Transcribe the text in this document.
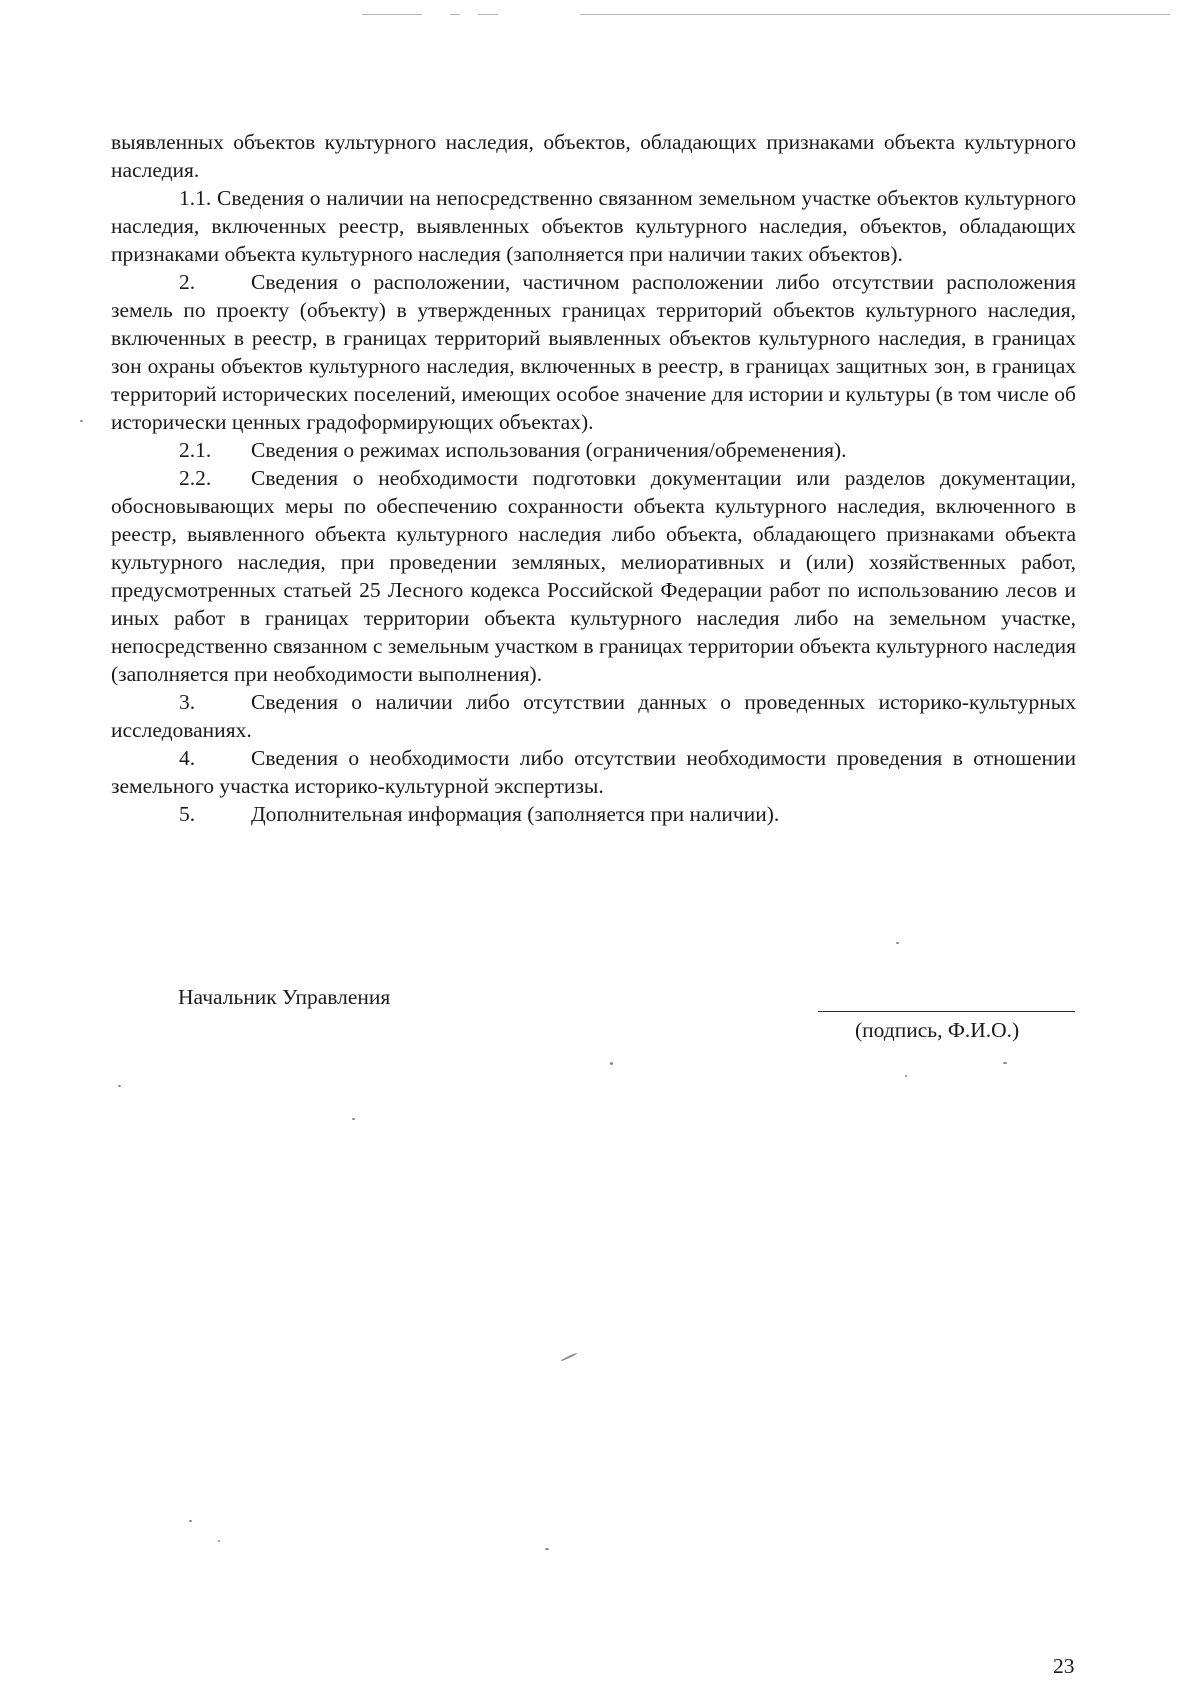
выявленных объектов культурного наследия, объектов, обладающих признаками объекта культурного наследия.

1.1. Сведения о наличии на непосредственно связанном земельном участке объектов культурного наследия, включенных реестр, выявленных объектов культурного наследия, объектов, обладающих признаками объекта культурного наследия (заполняется при наличии таких объектов).

2.	Сведения о расположении, частичном расположении либо отсутствии расположения земель по проекту (объекту) в утвержденных границах территорий объектов культурного наследия, включенных в реестр, в границах территорий выявленных объектов культурного наследия, в границах зон охраны объектов культурного наследия, включенных в реестр, в границах защитных зон, в границах территорий исторических поселений, имеющих особое значение для истории и культуры (в том числе об исторически ценных градоформирующих объектах).

2.1. Сведения о режимах использования (ограничения/обременения).

2.2. Сведения о необходимости подготовки документации или разделов документации, обосновывающих меры по обеспечению сохранности объекта культурного наследия, включенного в реестр, выявленного объекта культурного наследия либо объекта, обладающего признаками объекта культурного наследия, при проведении земляных, мелиоративных и (или) хозяйственных работ, предусмотренных статьей 25 Лесного кодекса Российской Федерации работ по использованию лесов и иных работ в границах территории объекта культурного наследия либо на земельном участке, непосредственно связанном с земельным участком в границах территории объекта культурного наследия (заполняется при необходимости выполнения).

3.	Сведения о наличии либо отсутствии данных о проведенных историко-культурных исследованиях.

4.	Сведения о необходимости либо отсутствии необходимости проведения в отношении земельного участка историко-культурной экспертизы.

5.	Дополнительная информация (заполняется при наличии).

Начальник Управления
(подпись, Ф.И.О.)
23
